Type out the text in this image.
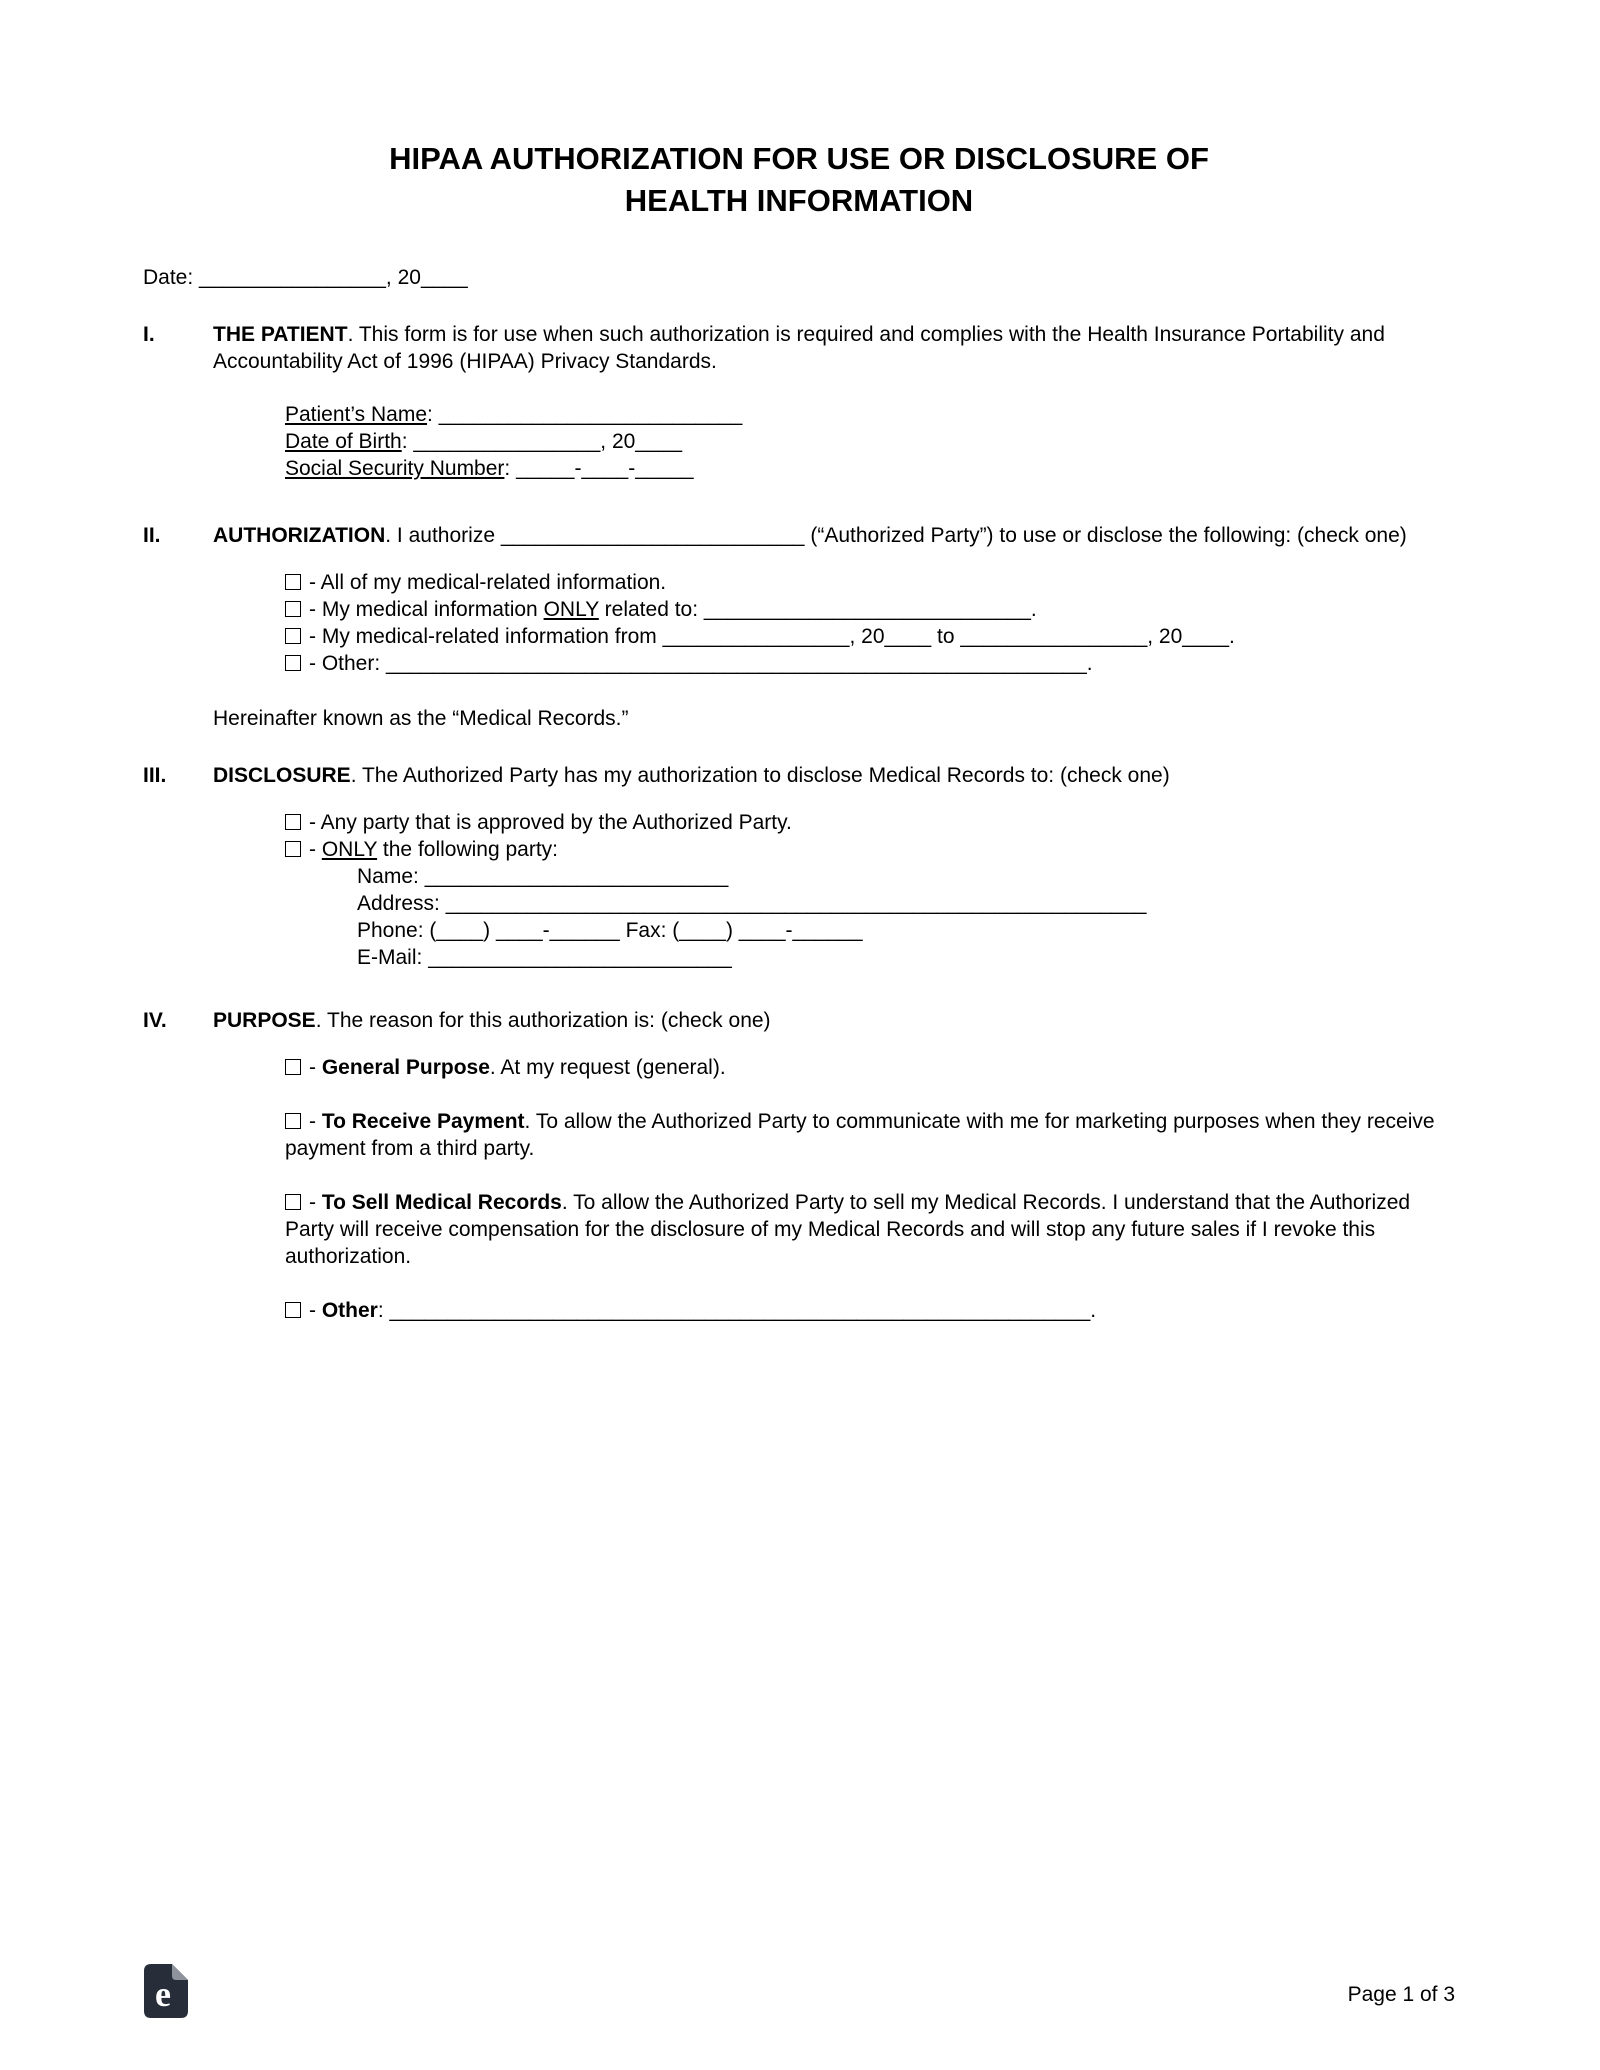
HIPAA AUTHORIZATION FOR USE OR DISCLOSURE OF HEALTH INFORMATION

Date: ________________, 20____

I.	THE PATIENT. This form is for use when such authorization is required and complies with the Health Insurance Portability and Accountability Act of 1996 (HIPAA) Privacy Standards.

Patient’s Name: __________________________
Date of Birth: ________________, 20____
Social Security Number: _____-____-_____
II.	AUTHORIZATION. I authorize __________________________ (“Authorized Party”) to use or disclose the following: (check one)

- All of my medical-related information.
- My medical information ONLY related to: ____________________________.
- My medical-related information from ________________, 20____ to ________________, 20____.
- Other: ____________________________________________________________.

Hereinafter known as the “Medical Records.”

III.	DISCLOSURE. The Authorized Party has my authorization to disclose Medical Records to: (check one)

- Any party that is approved by the Authorized Party.
- ONLY the following party:
Name: __________________________
Address: ____________________________________________________________
Phone: (____) ____-______ Fax: (____) ____-______
E-Mail: __________________________
IV.	PURPOSE. The reason for this authorization is: (check one)

- General Purpose. At my request (general).
- To Receive Payment. To allow the Authorized Party to communicate with me for marketing purposes when they receive payment from a third party.
- To Sell Medical Records. To allow the Authorized Party to sell my Medical Records. I understand that the Authorized Party will receive compensation for the disclosure of my Medical Records and will stop any future sales if I revoke this authorization.
- Other: ____________________________________________________________.
e	Page 1 of 3
